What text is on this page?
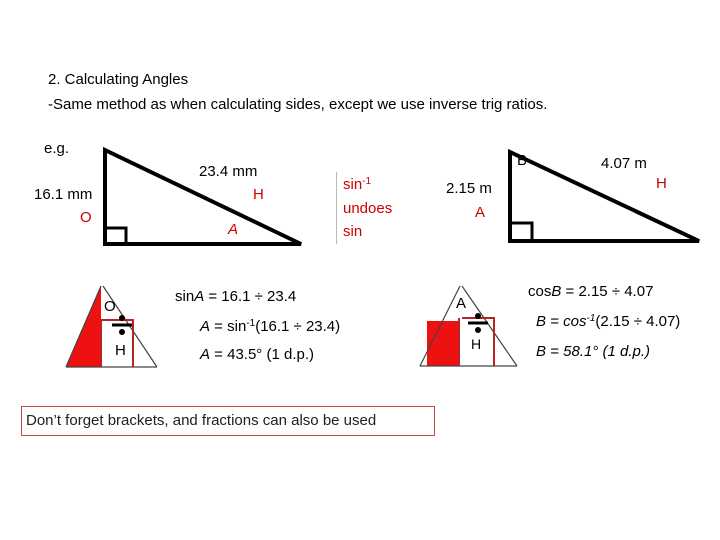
2. Calculating Angles
-Same method as when calculating sides, except we use inverse trig ratios.
e.g.
23.4 mm
H
16.1 mm
O
A
$\sin^{-1}$
undoes
sin
B	4.07 m
H
2.15 m
A
O
H
A
H
sinA = 16.1 ÷ 23.4
$A = \sin^{-1}(16.1 \div 23.4)$
A = 43.5° (1 d.p.)
cosB = 2.15 ÷ 4.07
$B = \cos^{-1}(2.15 \div 4.07)$
B = 58.1° (1 d.p.)
Don’t forget brackets, and fractions can also be used
